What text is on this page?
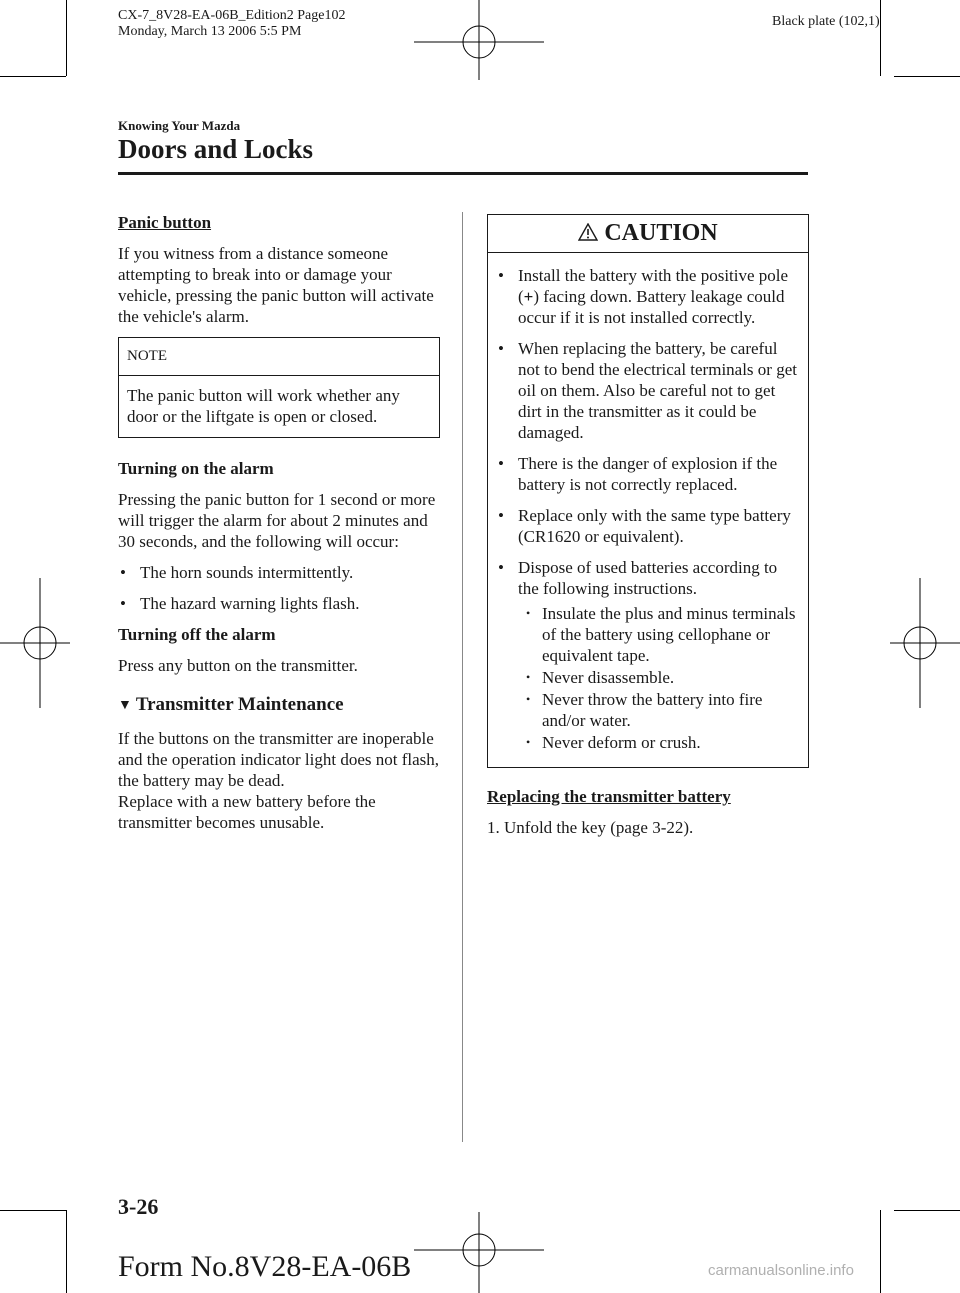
CX-7_8V28-EA-06B_Edition2 Page102
Monday, March 13 2006 5:5 PM
Black plate (102,1)
Knowing Your Mazda
Doors and Locks
Panic button

If you witness from a distance someone attempting to break into or damage your vehicle, pressing the panic button will activate the vehicle's alarm.

NOTE
The panic button will work whether any door or the liftgate is open or closed.
Turning on the alarm

Pressing the panic button for 1 second or more will trigger the alarm for about 2 minutes and 30 seconds, and the following will occur:

• The horn sounds intermittently.
• The hazard warning lights flash.
Turning off the alarm

Press any button on the transmitter.

▼ Transmitter Maintenance
If the buttons on the transmitter are inoperable and the operation indicator light does not flash, the battery may be dead.
Replace with a new battery before the transmitter becomes unusable.
CAUTION
• Install the battery with the positive pole (+) facing down. Battery leakage could occur if it is not installed correctly.
• When replacing the battery, be careful not to bend the electrical terminals or get oil on them. Also be careful not to get dirt in the transmitter as it could be damaged.
• There is the danger of explosion if the battery is not correctly replaced.
• Replace only with the same type battery (CR1620 or equivalent).
• Dispose of used batteries according to the following instructions.
• Insulate the plus and minus terminals of the battery using cellophane or equivalent tape.
• Never disassemble.
• Never throw the battery into fire and/or water.
• Never deform or crush.
Replacing the transmitter battery

1. Unfold the key (page 3-22).

3-26
Form No.8V28-EA-06B	carmanualsonline.info
